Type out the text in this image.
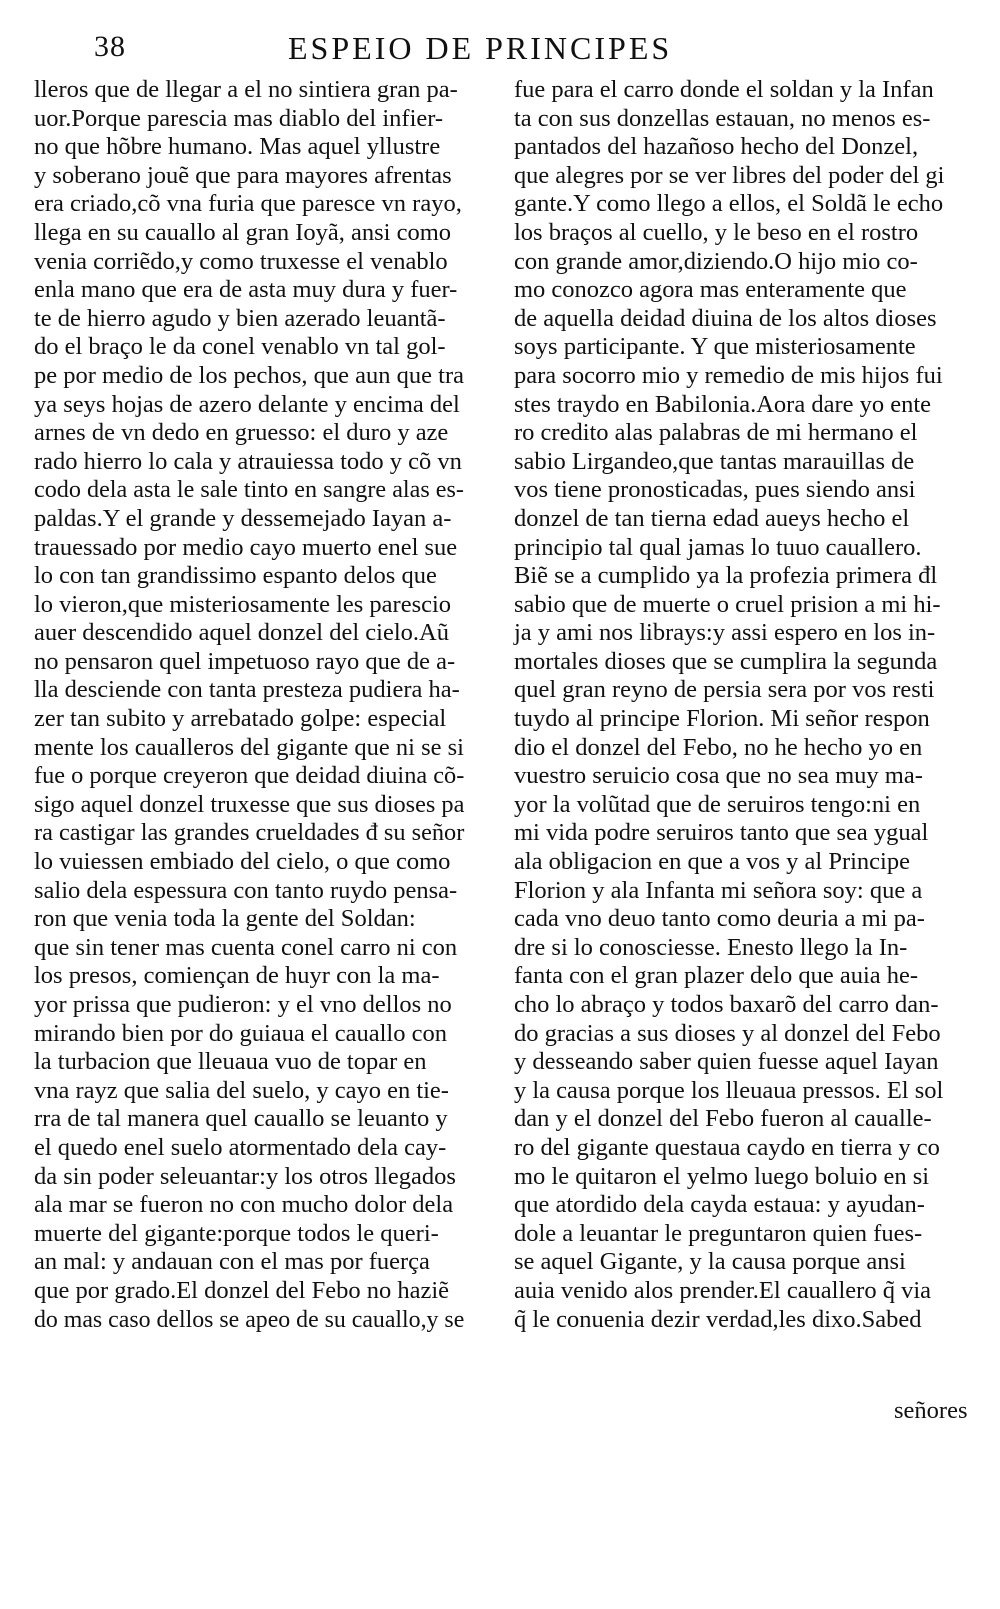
38	ESPEIO DE PRINCIPES
lleros que de llegar a el no sintiera gran pa-
uor.Porque parescia mas diablo del infier-
no que hõbre humano. Mas aquel yllustre
y soberano jouẽ que para mayores afrentas
era criado,cõ vna furia que paresce vn rayo,
llega en su cauallo al gran Ioyã, ansi como
venia corriẽdo,y como truxesse el venablo
enla mano que era de asta muy dura y fuer-
te de hierro agudo y bien azerado leuantã-
do el braço le da conel venablo vn tal gol-
pe por medio de los pechos, que aun que tra
ya seys hojas de azero delante y encima del
arnes de vn dedo en gruesso: el duro y aze
rado hierro lo cala y atrauiessa todo y cõ vn
codo dela asta le sale tinto en sangre alas es-
paldas.Y el grande y dessemejado Iayan a-
trauessado por medio cayo muerto enel sue
lo con tan grandissimo espanto delos que
lo vieron,que misteriosamente les parescio
auer descendido aquel donzel del cielo.Aũ
no pensaron quel impetuoso rayo que de a-
lla desciende con tanta presteza pudiera ha-
zer tan subito y arrebatado golpe: especial
mente los caualleros del gigante que ni se si
fue o porque creyeron que deidad diuina cõ-
sigo aquel donzel truxesse que sus dioses pa
ra castigar las grandes crueldades đ su señor
lo vuiessen embiado del cielo, o que como
salio dela espessura con tanto ruydo pensa-
ron que venia toda la gente del Soldan:
que sin tener mas cuenta conel carro ni con
los presos, comiençan de huyr con la ma-
yor prissa que pudieron: y el vno dellos no
mirando bien por do guiaua el cauallo con
la turbacion que lleuaua vuo de topar en
vna rayz que salia del suelo, y cayo en tie-
rra de tal manera quel cauallo se leuanto y
el quedo enel suelo atormentado dela cay-
da sin poder seleuantar:y los otros llegados
ala mar se fueron no con mucho dolor dela
muerte del gigante:porque todos le queri-
an mal: y andauan con el mas por fuerça
que por grado.El donzel del Febo no haziẽ
do mas caso dellos se apeo de su cauallo,y se
fue para el carro donde el soldan y la Infan
ta con sus donzellas estauan, no menos es-
pantados del hazañoso hecho del Donzel,
que alegres por se ver libres del poder del gi
gante.Y como llego a ellos, el Soldã le echo
los braços al cuello, y le beso en el rostro
con grande amor,diziendo.O hijo mio co-
mo conozco agora mas enteramente que
de aquella deidad diuina de los altos dioses
soys participante. Y que misteriosamente
para socorro mio y remedio de mis hijos fui
stes traydo en Babilonia.Aora dare yo ente
ro credito alas palabras de mi hermano el
sabio Lirgandeo,que tantas marauillas de
vos tiene pronosticadas, pues siendo ansi
donzel de tan tierna edad aueys hecho el
principio tal qual jamas lo tuuo cauallero.
Biẽ se a cumplido ya la profezia primera đl
sabio que de muerte o cruel prision a mi hi-
ja y ami nos librays:y assi espero en los in-
mortales dioses que se cumplira la segunda
quel gran reyno de persia sera por vos resti
tuydo al principe Florion. Mi señor respon
dio el donzel del Febo, no he hecho yo en
vuestro seruicio cosa que no sea muy ma-
yor la volũtad que de seruiros tengo:ni en
mi vida podre seruiros tanto que sea ygual
ala obligacion en que a vos y al Principe
Florion y ala Infanta mi señora soy: que a
cada vno deuo tanto como deuria a mi pa-
dre si lo conosciesse. Enesto llego la In-
fanta con el gran plazer delo que auia he-
cho lo abraço y todos baxarõ del carro dan-
do gracias a sus dioses y al donzel del Febo
y desseando saber quien fuesse aquel Iayan
y la causa porque los lleuaua pressos. El sol
dan y el donzel del Febo fueron al caualle-
ro del gigante questaua caydo en tierra y co
mo le quitaron el yelmo luego boluio en si
que atordido dela cayda estaua: y ayudan-
dole a leuantar le preguntaron quien fues-
se aquel Gigante, y la causa porque ansi
auia venido alos prender.El cauallero q̃ via
q̃ le conuenia dezir verdad,les dixo.Sabed
señores
